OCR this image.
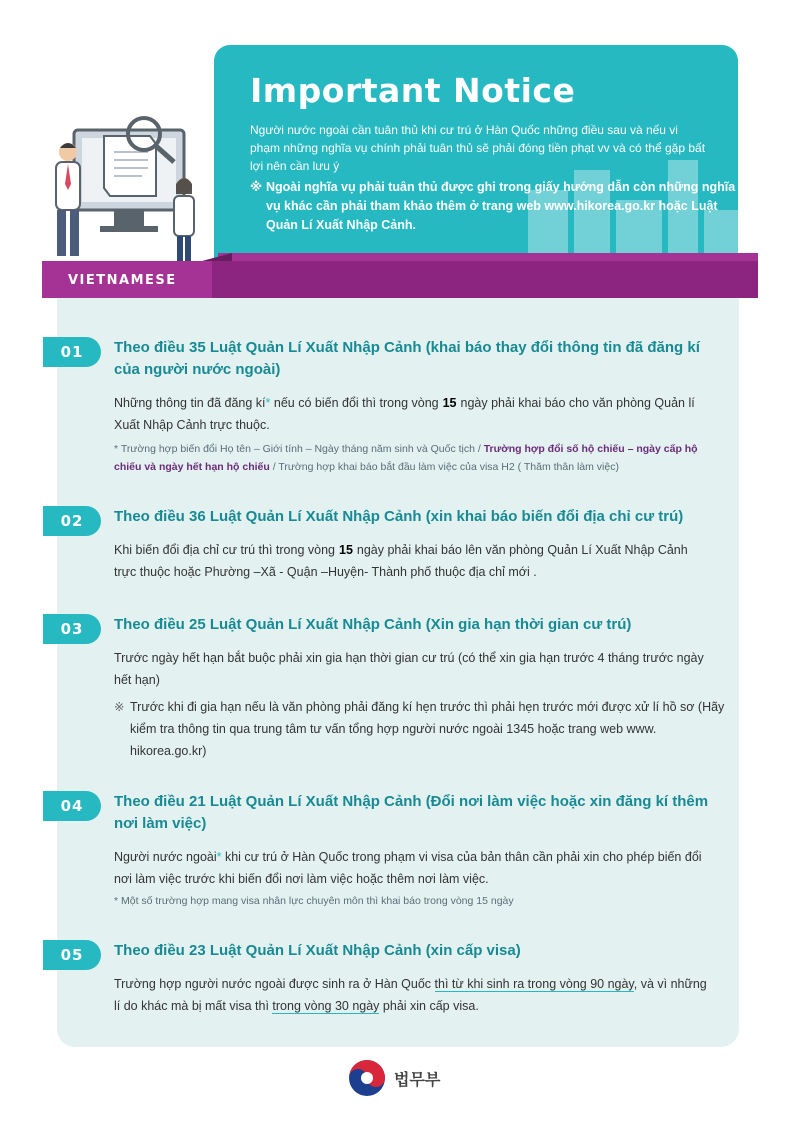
Important Notice

Người nước ngoài cần tuân thủ khi cư trú ở Hàn Quốc những điều sau và nếu vi phạm những nghĩa vụ chính phải tuân thủ sẽ phải đóng tiền phạt vv và có thể gặp bất lợi nên cần lưu ý

※ Ngoài nghĩa vụ phải tuân thủ được ghi trong giấy hướng dẫn còn những nghĩa vụ khác cần phải tham khảo thêm ở trang web www.hikorea.go.kr hoặc Luật Quản Lí Xuất Nhập Cảnh.

VIETNAMESE
01	Theo điều 35 Luật Quản Lí Xuất Nhập Cảnh (khai báo thay đổi thông tin đã đăng kí của người nước ngoài)

Những thông tin đã đăng kí* nếu có biến đổi thì trong vòng 15 ngày phải khai báo cho văn phòng Quản lí Xuất Nhập Cảnh trực thuộc.

* Trường hợp biến đổi Họ tên – Giới tính – Ngày tháng năm sinh và Quốc tịch / Trường hợp đổi số hộ chiếu – ngày cấp hộ chiếu và ngày hết hạn hộ chiếu / Trường hợp khai báo bắt đầu làm việc của visa H2 ( Thăm thân làm việc)

02	Theo điều 36 Luật Quản Lí Xuất Nhập Cảnh (xin khai báo biến đổi địa chỉ cư trú)

Khi biến đổi địa chỉ cư trú thì trong vòng 15 ngày phải khai báo lên văn phòng Quản Lí Xuất Nhập Cảnh trực thuộc hoặc Phường –Xã - Quận –Huyện- Thành phố thuộc địa chỉ mới .

03	Theo điều 25 Luật Quản Lí Xuất Nhập Cảnh (Xin gia hạn thời gian cư trú)

Trước ngày hết hạn bắt buộc phải xin gia hạn thời gian cư trú (có thể xin gia hạn trước 4 tháng trước ngày hết hạn)

※ Trước khi đi gia hạn nếu là văn phòng phải đăng kí hẹn trước thì phải hẹn trước mới được xử lí hồ sơ (Hãy kiểm tra thông tin qua trung tâm tư vấn tổng hợp người nước ngoài 1345 hoặc trang web www. hikorea.go.kr)

04	Theo điều 21 Luật Quản Lí Xuất Nhập Cảnh (Đổi nơi làm việc hoặc xin đăng kí thêm nơi làm việc)

Người nước ngoài* khi cư trú ở Hàn Quốc trong phạm vi visa của bản thân cần phải xin cho phép biến đổi nơi làm việc trước khi biến đổi nơi làm việc hoặc thêm nơi làm việc.

* Một số trường hợp mang visa nhân lực chuyên môn thì khai báo trong vòng 15 ngày

05	Theo điều 23 Luật Quản Lí Xuất Nhập Cảnh (xin cấp visa)

Trường hợp người nước ngoài được sinh ra ở Hàn Quốc thì từ khi sinh ra trong vòng 90 ngày, và vì những lí do khác mà bị mất visa thì trong vòng 30 ngày phải xin cấp visa.

법무부
